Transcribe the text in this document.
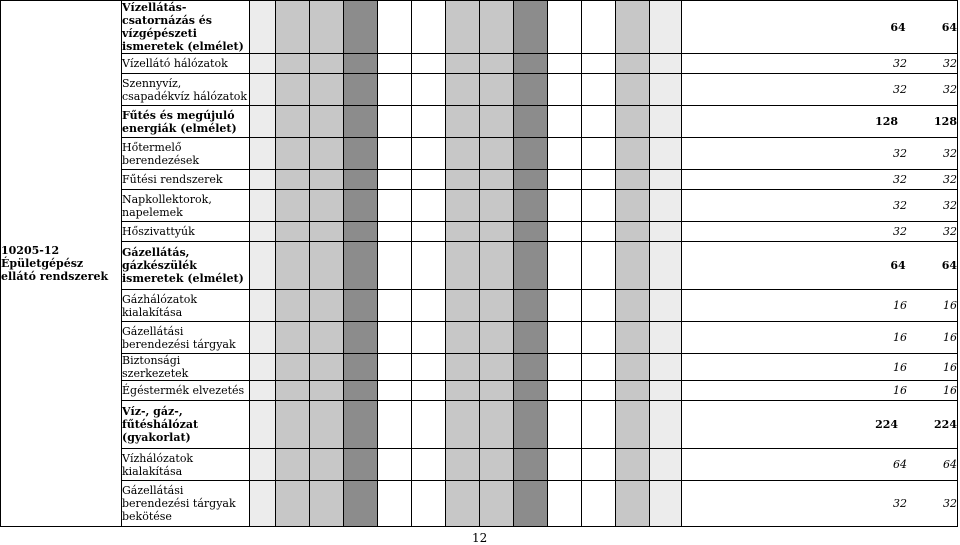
10205-12
Épületgépész ellátó rendszerek	Vízellátás-csatornázás és vízgépészeti ismeretek (elmélet)														64 64
	Vízellátó hálózatok														32 32
	Szennyvíz, csapadékvíz hálózatok														32 32
	Fűtés és megújuló energiák (elmélet)														128 128
	Hőtermelő berendezések														32 32
	Fűtési rendszerek														32 32
	Napkollektorok, napelemek														32 32
	Hőszivattyúk														32 32
	Gázellátás, gázkészülék ismeretek (elmélet)														64 64
	Gázhálózatok kialakítása														16 16
	Gázellátási berendezési tárgyak														16 16
	Biztonsági szerkezetek														16 16
	Égéstermék elvezetés														16 16
	Víz-, gáz-, fűtéshálózat (gyakorlat)														224 224
	Vízhálózatok kialakítása														64 64
	Gázellátási berendezési tárgyak bekötése														32 32
12
